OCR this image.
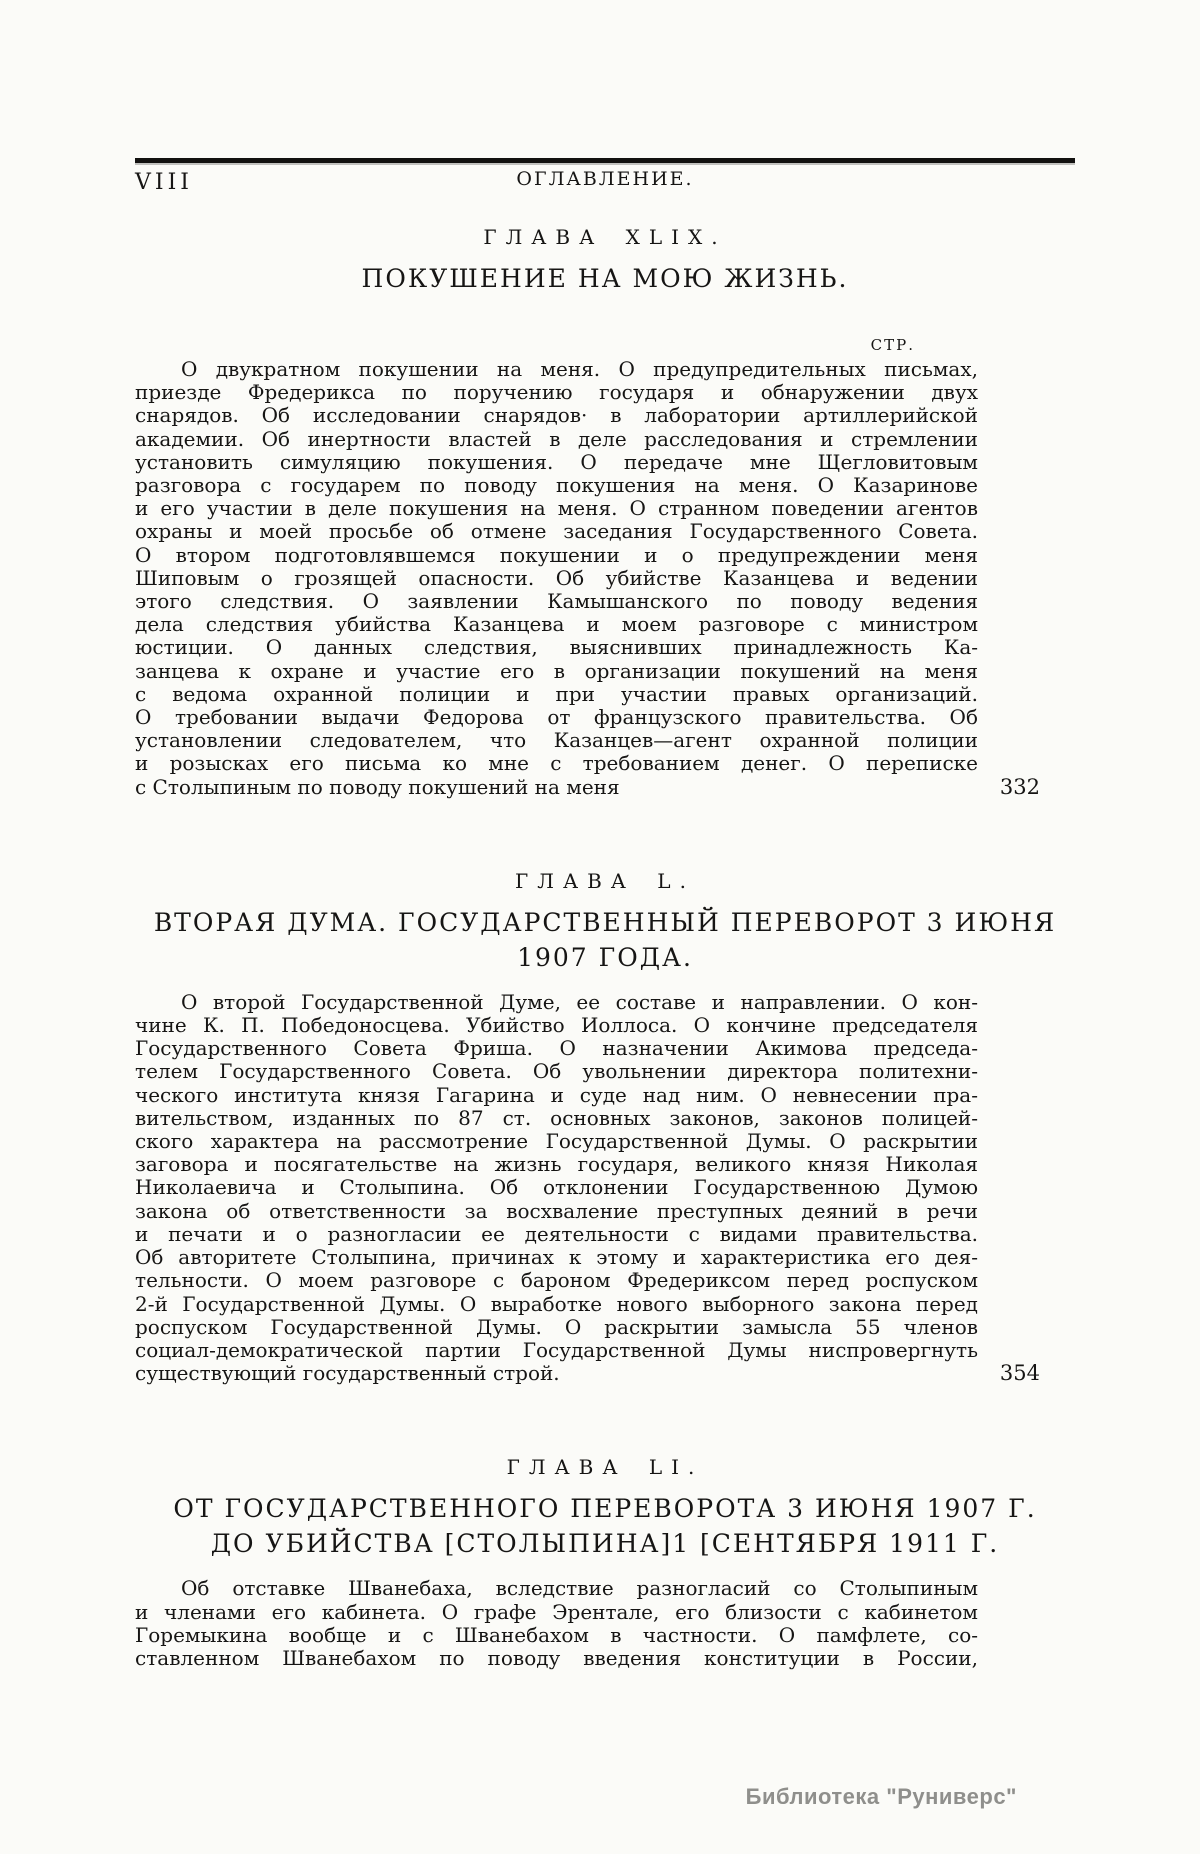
VIII	ОГЛАВЛЕНИЕ.
СТР.
ГЛАВА XLIX.
ПОКУШЕНИЕ НА МОЮ ЖИЗНЬ.
О двукратном покушении на меня. О предупредительных письмах,
приезде Фредерикса по поручению государя и обнаружении двух
снарядов. Об исследовании снарядов· в лаборатории артиллерийской
академии. Об инертности властей в деле расследования и стремлении
установить симуляцию покушения. О передаче мне Щегловитовым
разговора с государем по поводу покушения на меня. О Казаринове
и его участии в деле покушения на меня. О странном поведении агентов
охраны и моей просьбе об отмене заседания Государственного Совета.
О втором подготовлявшемся покушении и о предупреждении меня
Шиповым о грозящей опасности. Об убийстве Казанцева и ведении
этого следствия. О заявлении Камышанского по поводу ведения
дела следствия убийства Казанцева и моем разговоре с министром
юстиции. О данных следствия, выяснивших принадлежность Ка-
занцева к охране и участие его в организации покушений на меня
с ведома охранной полиции и при участии правых организаций.
О требовании выдачи Федорова от французского правительства. Об
установлении следователем, что Казанцев—агент охранной полиции
и розысках его письма ко мне с требованием денег. О переписке
с Столыпиным по поводу покушений на меня	332
ГЛАВА L.
ВТОРАЯ ДУМА. ГОСУДАРСТВЕННЫЙ ПЕРЕВОРОТ 3 ИЮНЯ
1907 ГОДА.
О второй Государственной Думе, ее составе и направлении. О кон-
чине К. П. Победоносцева. Убийство Иоллоса. О кончине председателя
Государственного Совета Фриша. О назначении Акимова председа-
телем Государственного Совета. Об увольнении директора политехни-
ческого института князя Гагарина и суде над ним. О невнесении пра-
вительством, изданных по 87 ст. основных законов, законов полицей-
ского характера на рассмотрение Государственной Думы. О раскрытии
заговора и посягательстве на жизнь государя, великого князя Николая
Николаевича и Столыпина. Об отклонении Государственною Думою
закона об ответственности за восхваление преступных деяний в речи
и печати и о разногласии ее деятельности с видами правительства.
Об авторитете Столыпина, причинах к этому и характеристика его дея-
тельности. О моем разговоре с бароном Фредериксом перед роспуском
2-й Государственной Думы. О выработке нового выборного закона перед
роспуском Государственной Думы. О раскрытии замысла 55 членов
социал-демократической партии Государственной Думы ниспровергнуть
существующий государственный строй.	354
ГЛАВА LI.
ОТ ГОСУДАРСТВЕННОГО ПЕРЕВОРОТА 3 ИЮНЯ 1907 Г.
ДО УБИЙСТВА [СТОЛЫПИНА]1 [СЕНТЯБРЯ 1911 Г.
Об отставке Шванебаха, вследствие разногласий со Столыпиным
и членами его кабинета. О графе Эрентале, его близости с кабинетом
Горемыкина вообще и с Шванебахом в частности. О памфлете, со-
ставленном Шванебахом по поводу введения конституции в России,
Библиотека "Руниверс"
